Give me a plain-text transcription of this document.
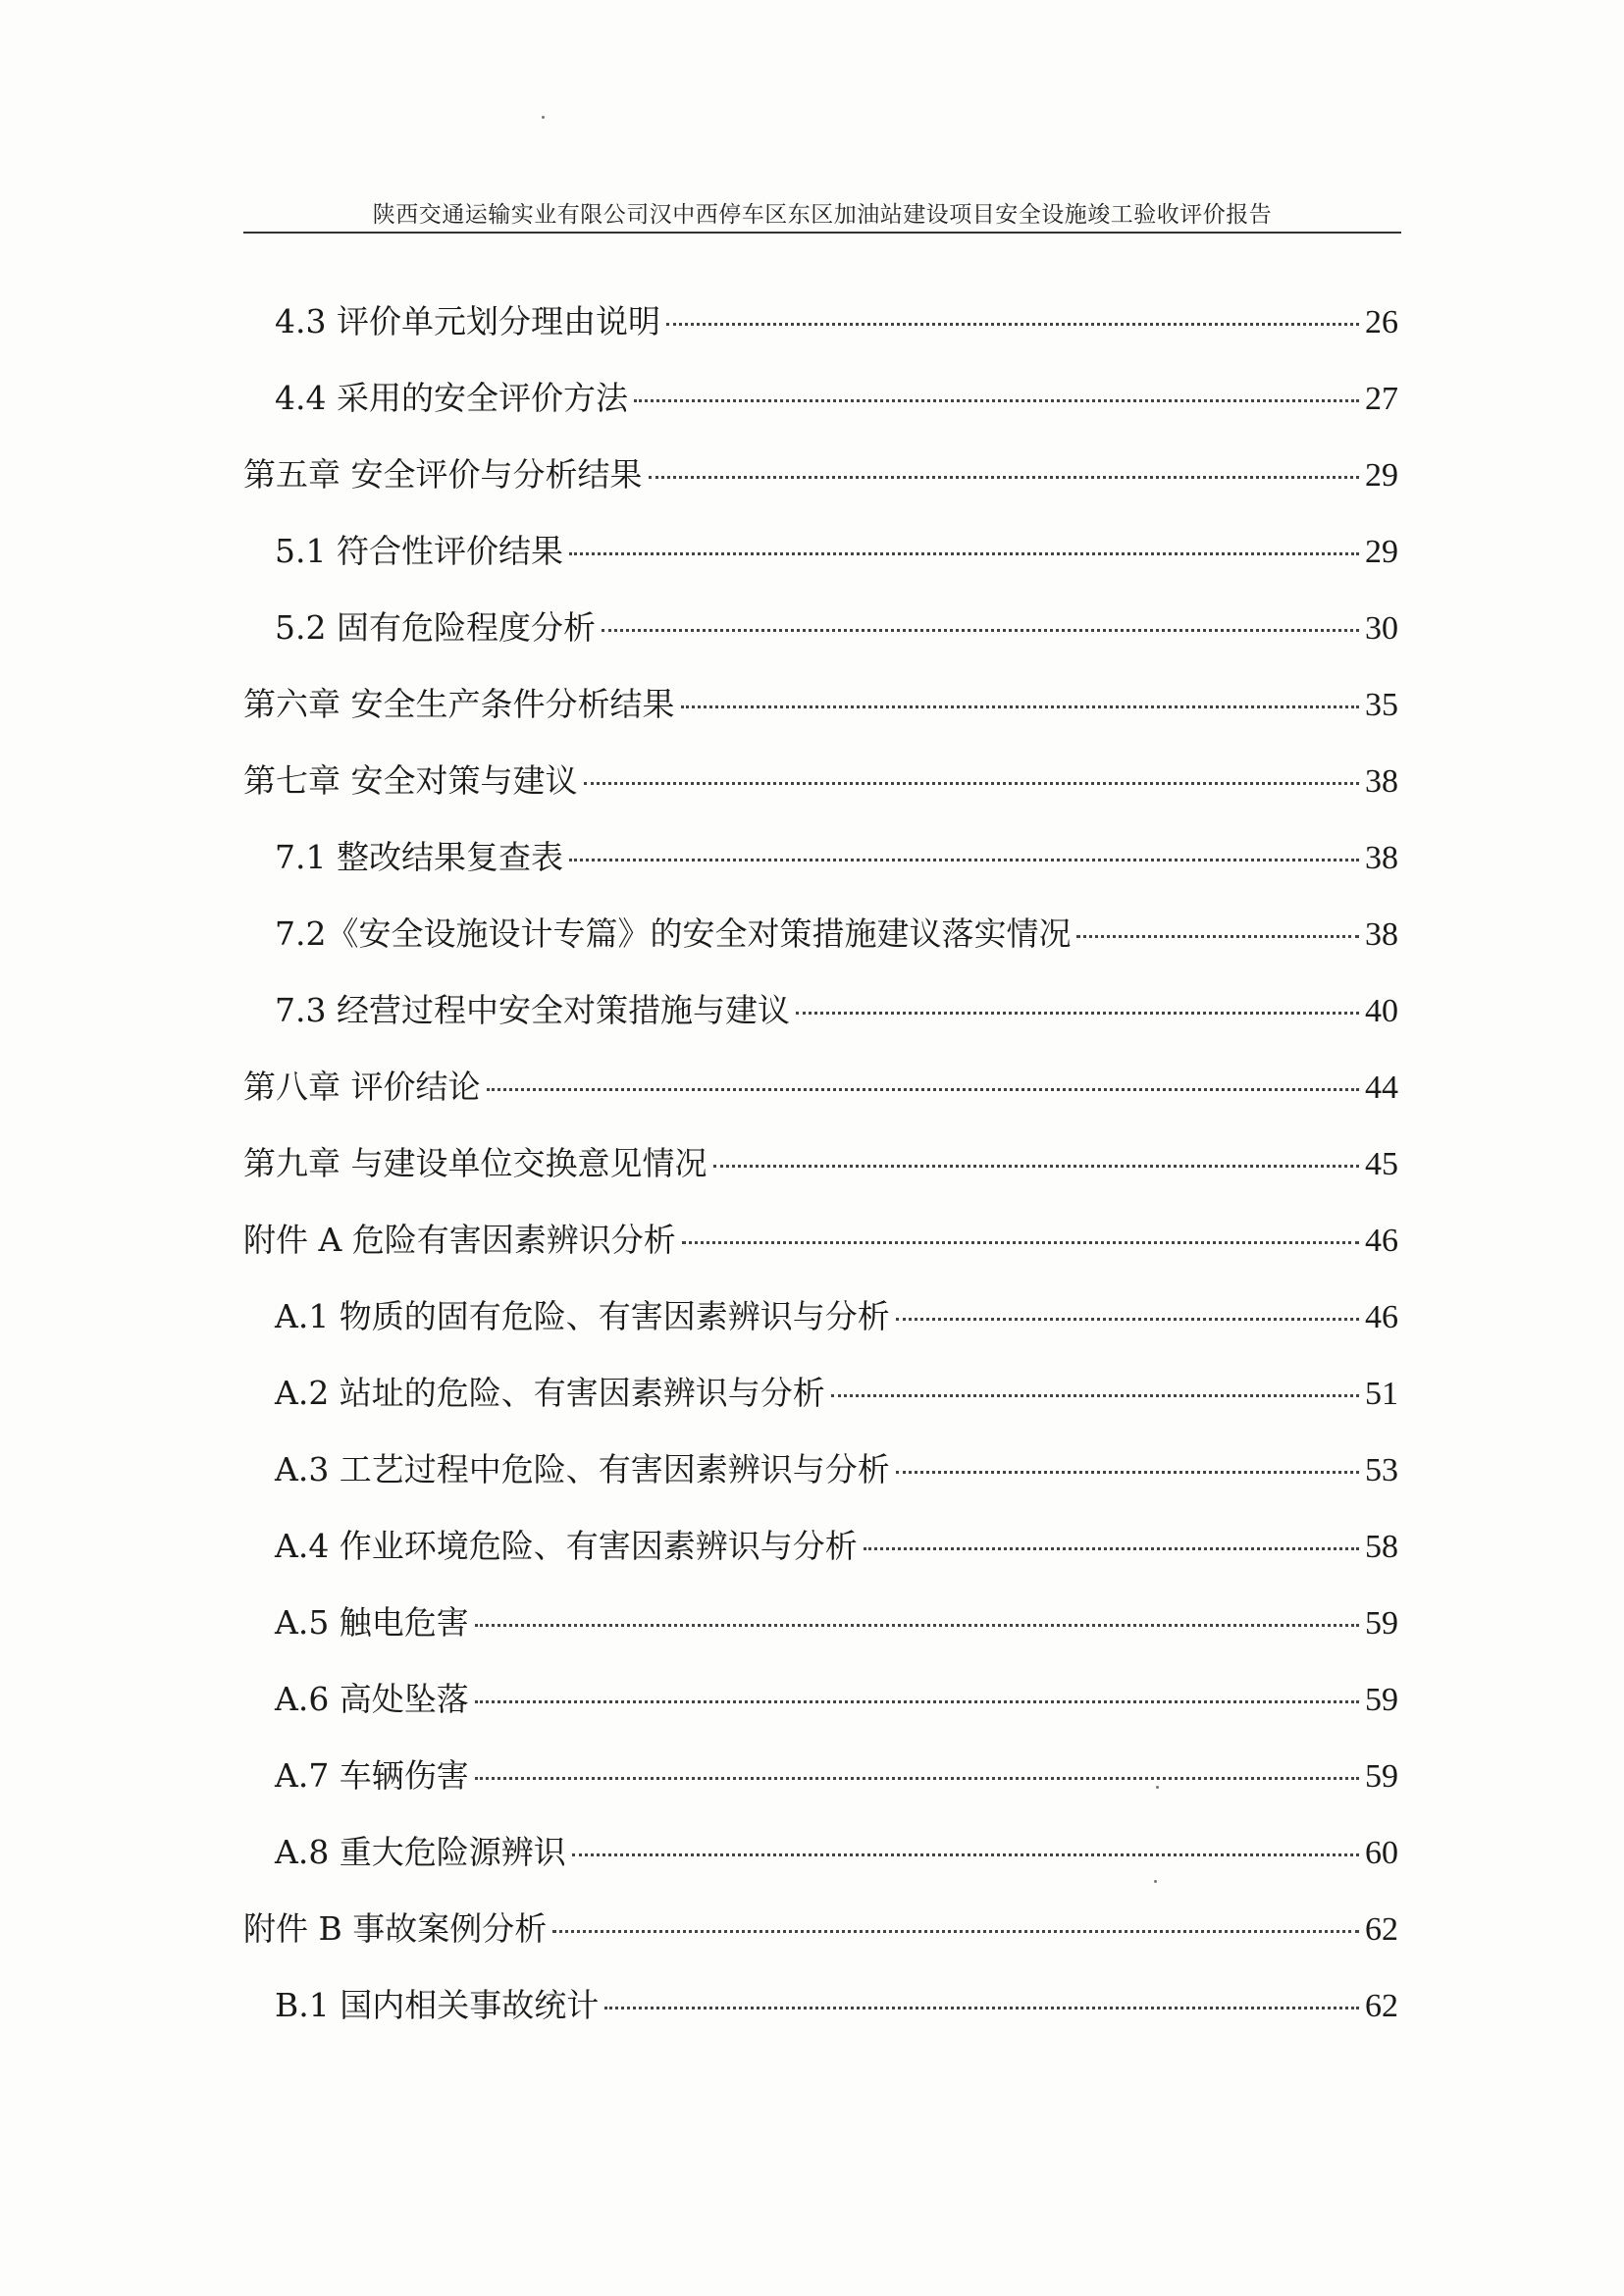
陕西交通运输实业有限公司汉中西停车区东区加油站建设项目安全设施竣工验收评价报告
4.3 评价单元划分理由说明	26
4.4 采用的安全评价方法	27
第五章 安全评价与分析结果	29
5.1 符合性评价结果	29
5.2 固有危险程度分析	30
第六章 安全生产条件分析结果	35
第七章 安全对策与建议	38
7.1 整改结果复查表	38
7.2《安全设施设计专篇》的安全对策措施建议落实情况	38
7.3 经营过程中安全对策措施与建议	40
第八章 评价结论	44
第九章 与建设单位交换意见情况	45
附件 A 危险有害因素辨识分析	46
A.1 物质的固有危险、有害因素辨识与分析	46
A.2 站址的危险、有害因素辨识与分析	51
A.3 工艺过程中危险、有害因素辨识与分析	53
A.4 作业环境危险、有害因素辨识与分析	58
A.5 触电危害	59
A.6 高处坠落	59
A.7 车辆伤害	59
A.8 重大危险源辨识	60
附件 B 事故案例分析	62
B.1 国内相关事故统计	62
